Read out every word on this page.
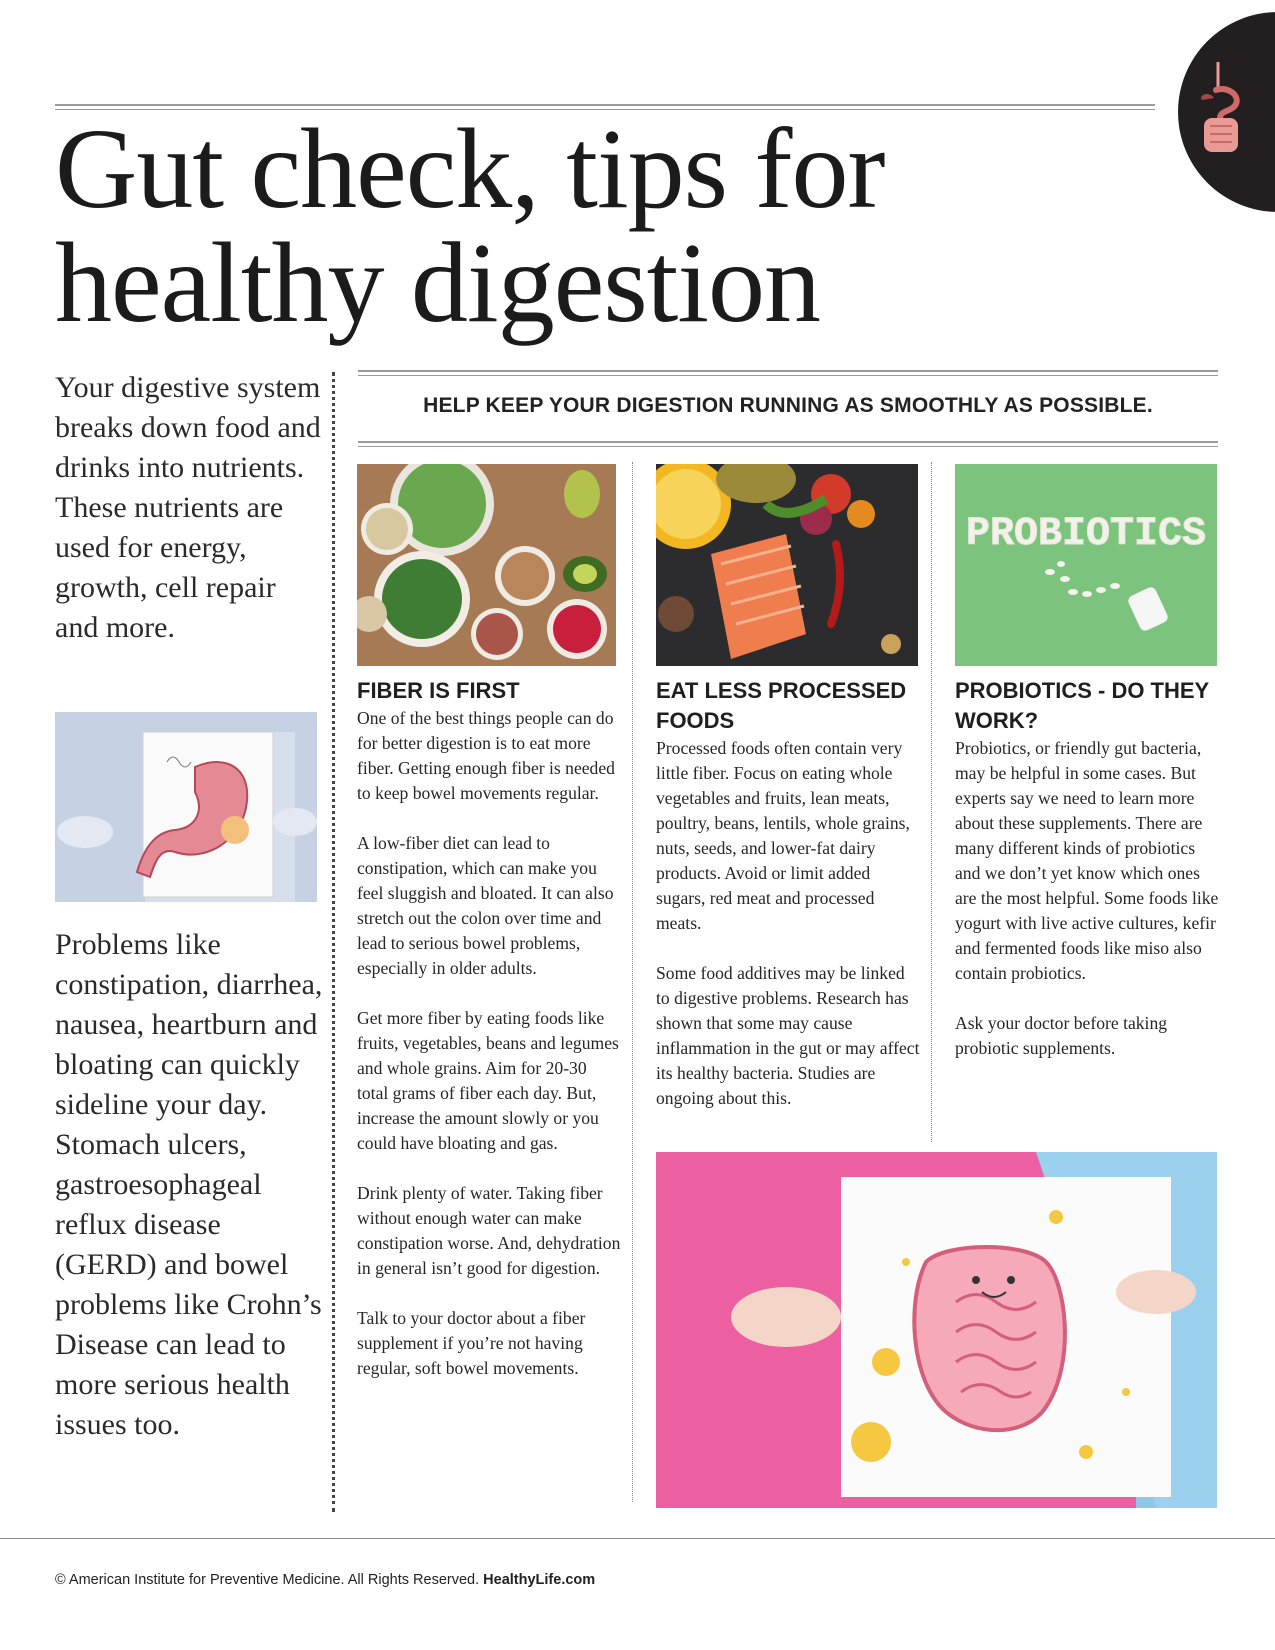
Gut check, tips for
healthy digestion

Your digestive system breaks down food and drinks into nutrients. These nutrients are used for energy, growth, cell repair and more.

Problems like constipation, diarrhea, nausea, heartburn and bloating can quickly sideline your day. Stomach ulcers, gastroesophageal reflux disease (GERD) and bowel problems like Crohn’s Disease can lead to more serious health issues too.

HELP KEEP YOUR DIGESTION RUNNING AS SMOOTHLY AS POSSIBLE.
PROBIOTICS
FIBER IS FIRST

One of the best things people can do for better digestion is to eat more fiber. Getting enough fiber is needed to keep bowel movements regular.

A low-fiber diet can lead to constipation, which can make you feel sluggish and bloated. It can also stretch out the colon over time and lead to serious bowel problems, especially in older adults.

Get more fiber by eating foods like fruits, vegetables, beans and legumes and whole grains. Aim for 20-30 total grams of fiber each day. But, increase the amount slowly or you could have bloating and gas.

Drink plenty of water. Taking fiber without enough water can make constipation worse. And, dehydration in general isn’t good for digestion.

Talk to your doctor about a fiber supplement if you’re not having regular, soft bowel movements.

EAT LESS PROCESSED FOODS

Processed foods often contain very little fiber. Focus on eating whole vegetables and fruits, lean meats, poultry, beans, lentils, whole grains, nuts, seeds, and lower-fat dairy products. Avoid or limit added sugars, red meat and processed meats.

Some food additives may be linked to digestive problems. Research has shown that some may cause inflammation in the gut or may affect its healthy bacteria. Studies are ongoing about this.

PROBIOTICS - DO THEY WORK?

Probiotics, or friendly gut bacteria, may be helpful in some cases. But experts say we need to learn more about these supplements. There are many different kinds of probiotics and we don’t yet know which ones are the most helpful. Some foods like yogurt with live active cultures, kefir and fermented foods like miso also contain probiotics.

Ask your doctor before taking probiotic supplements.

© American Institute for Preventive Medicine. All Rights Reserved. HealthyLife.com
